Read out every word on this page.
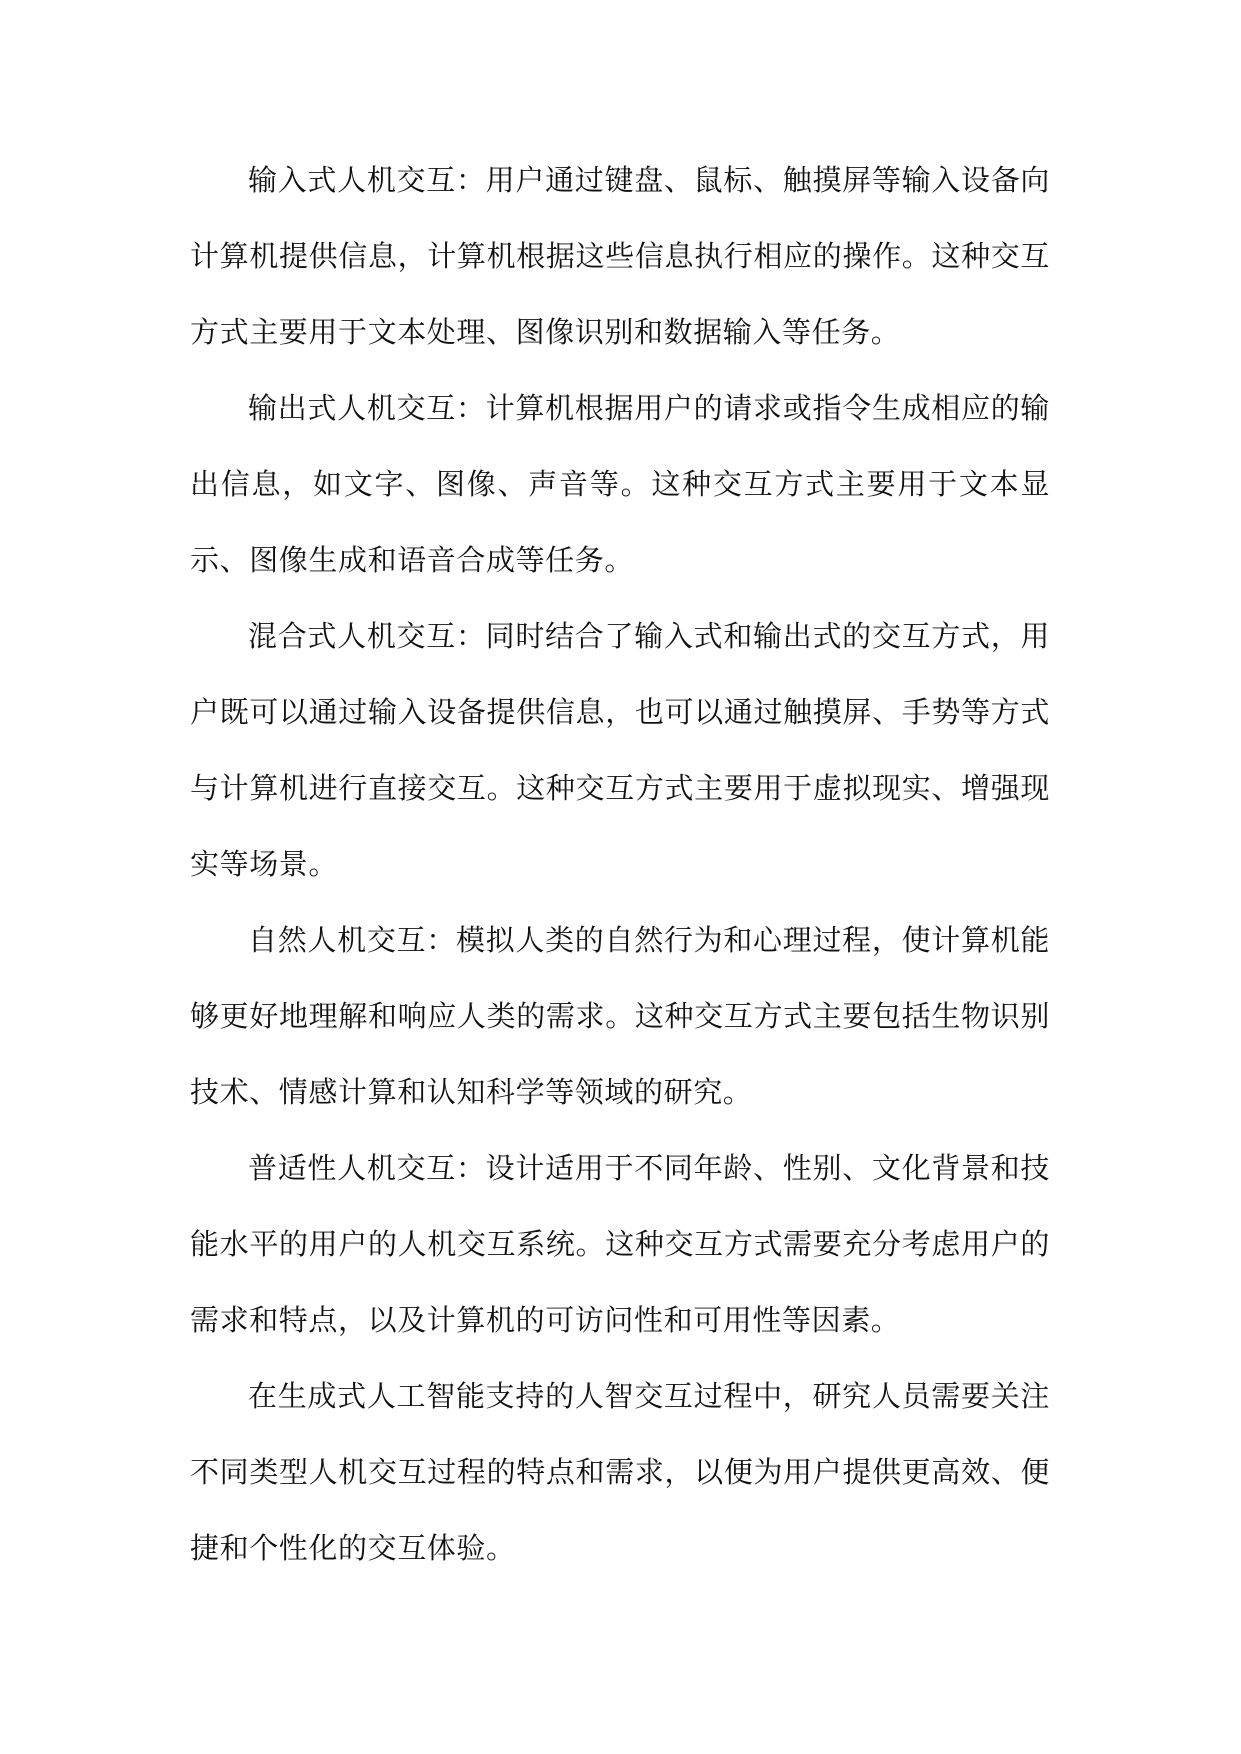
输入式人机交互：用户通过键盘、鼠标、触摸屏等输入设备向计算机提供信息，计算机根据这些信息执行相应的操作。这种交互方式主要用于文本处理、图像识别和数据输入等任务。

输出式人机交互：计算机根据用户的请求或指令生成相应的输出信息，如文字、图像、声音等。这种交互方式主要用于文本显示、图像生成和语音合成等任务。

混合式人机交互：同时结合了输入式和输出式的交互方式，用户既可以通过输入设备提供信息，也可以通过触摸屏、手势等方式与计算机进行直接交互。这种交互方式主要用于虚拟现实、增强现实等场景。

自然人机交互：模拟人类的自然行为和心理过程，使计算机能够更好地理解和响应人类的需求。这种交互方式主要包括生物识别技术、情感计算和认知科学等领域的研究。

普适性人机交互：设计适用于不同年龄、性别、文化背景和技能水平的用户的人机交互系统。这种交互方式需要充分考虑用户的需求和特点，以及计算机的可访问性和可用性等因素。

在生成式人工智能支持的人智交互过程中，研究人员需要关注不同类型人机交互过程的特点和需求，以便为用户提供更高效、便捷和个性化的交互体验。
